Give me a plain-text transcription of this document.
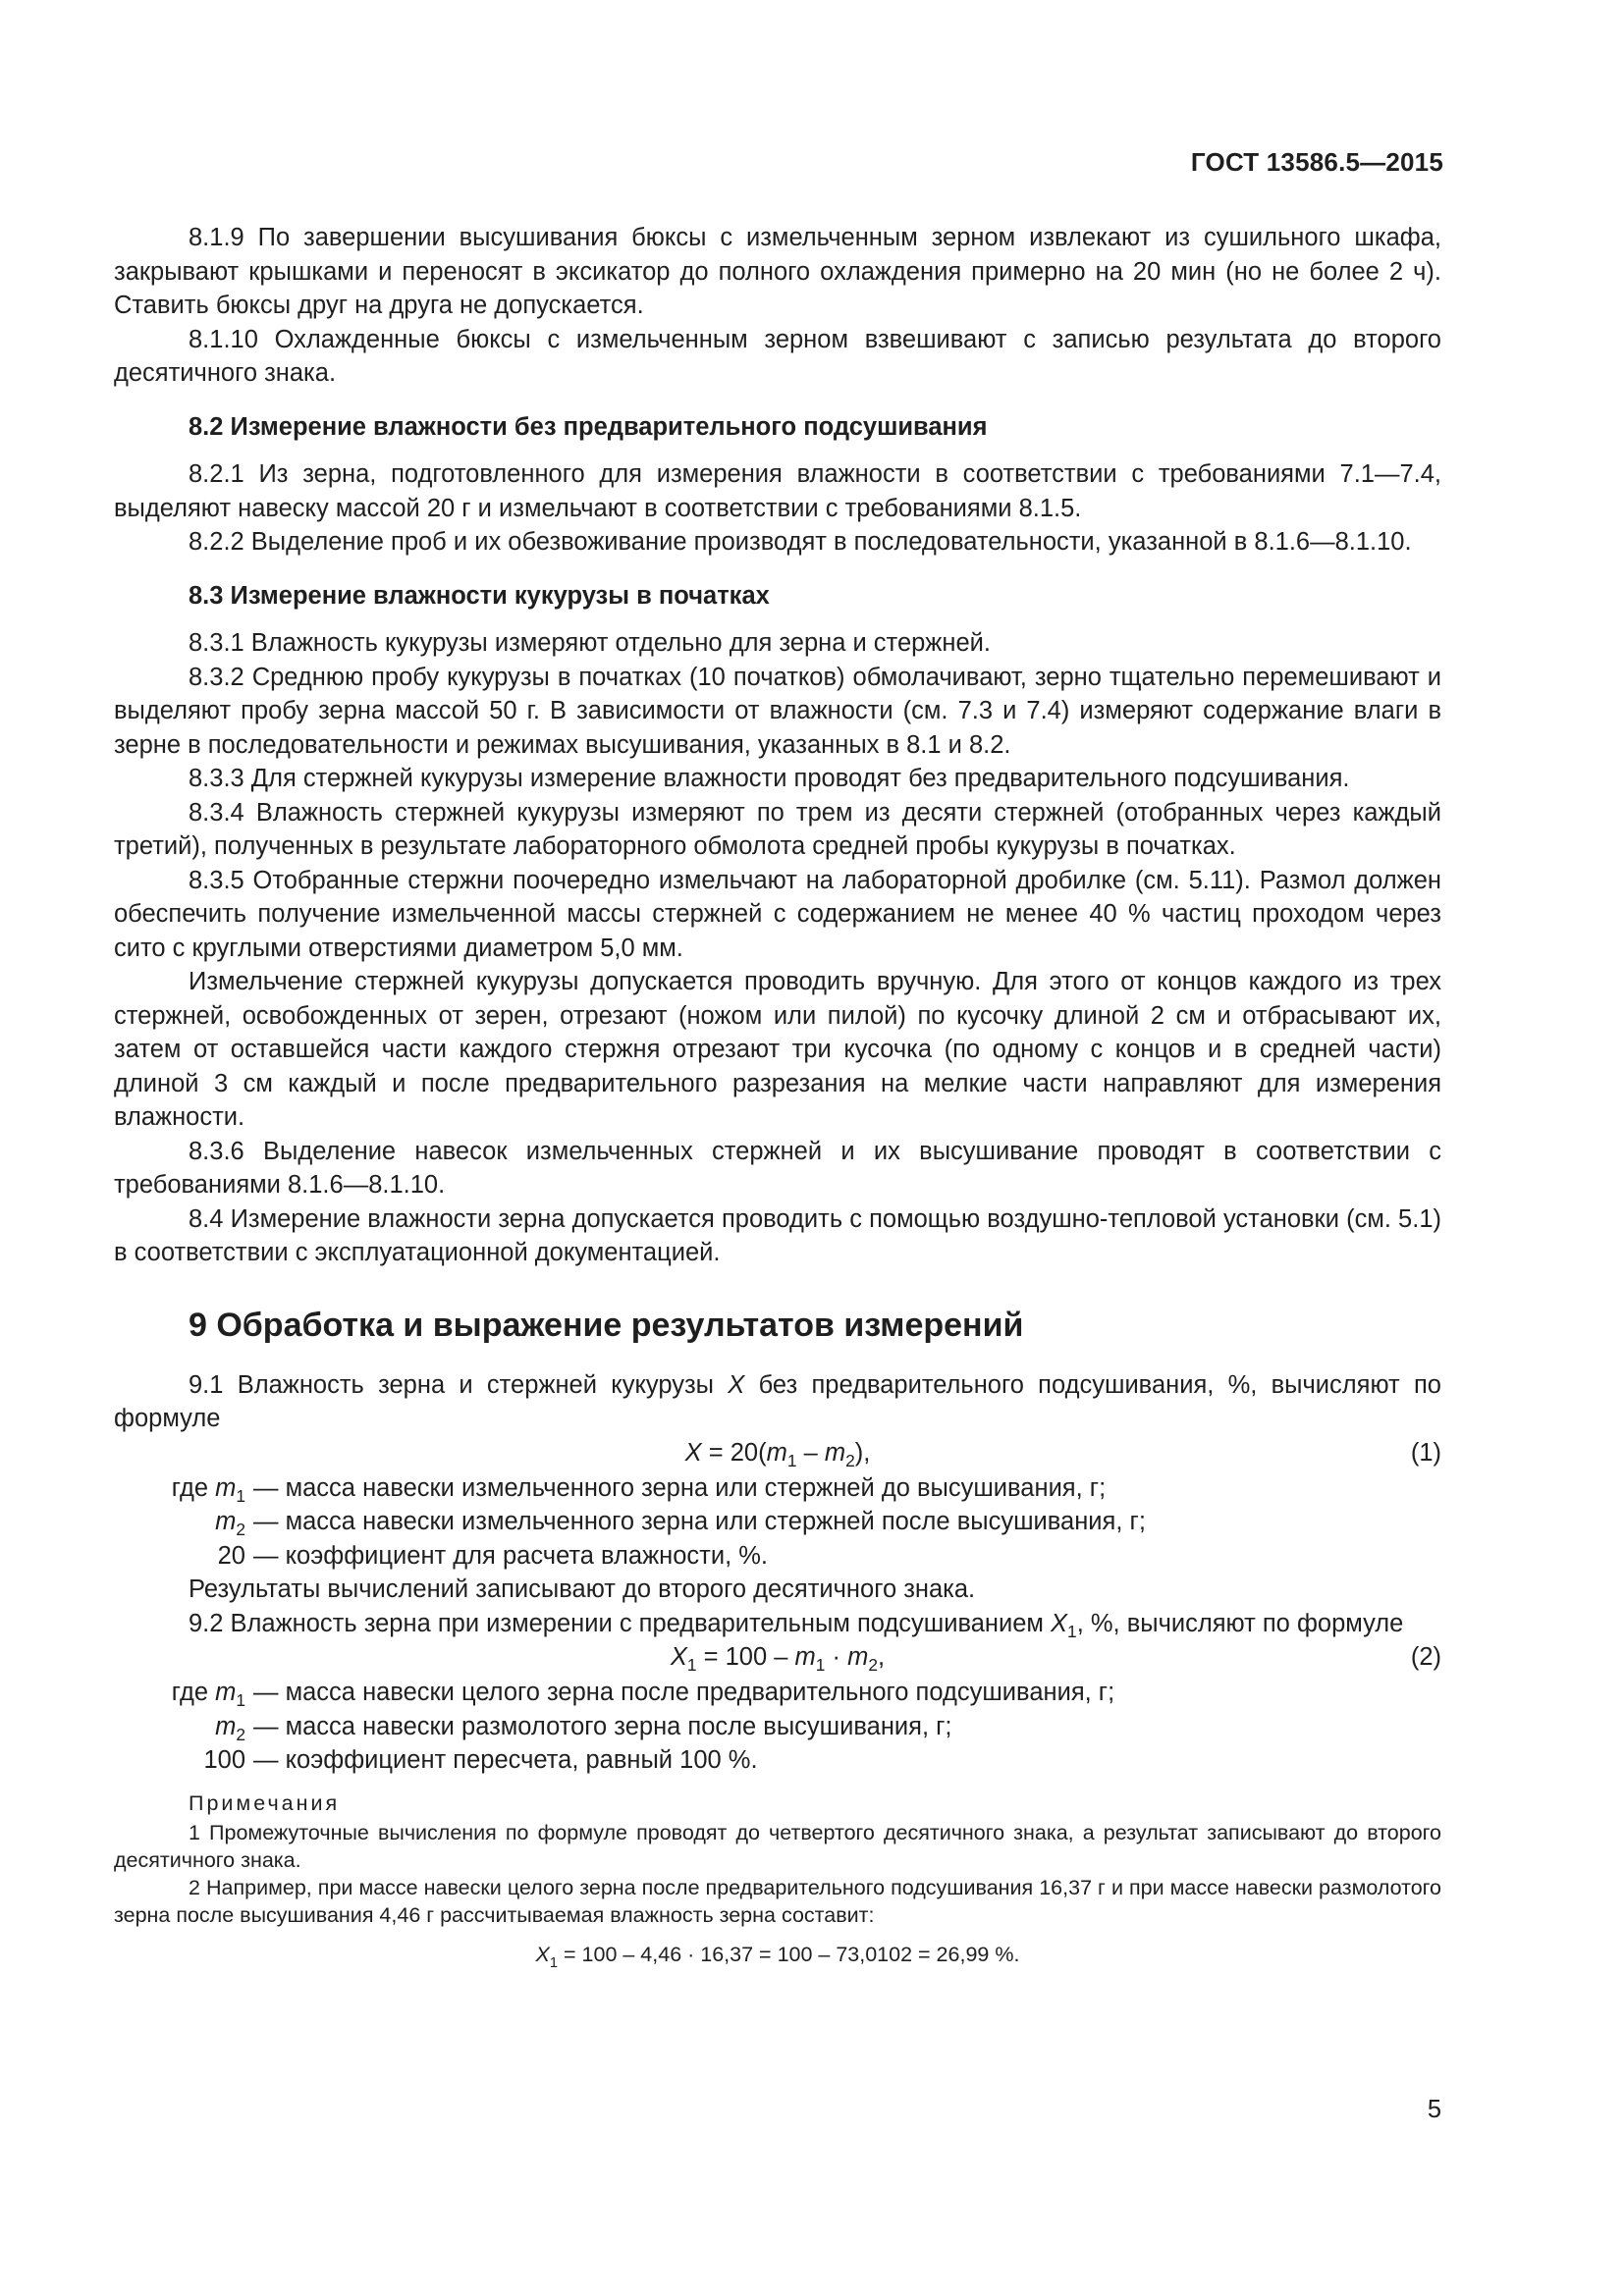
ГОСТ 13586.5—2015

8.1.9 По завершении высушивания бюксы с измельченным зерном извлекают из сушильного шкафа, закрывают крышками и переносят в эксикатор до полного охлаждения примерно на 20 мин (но не более 2 ч). Ставить бюксы друг на друга не допускается.

8.1.10 Охлажденные бюксы с измельченным зерном взвешивают с записью результата до второго десятичного знака.

8.2 Измерение влажности без предварительного подсушивания

8.2.1 Из зерна, подготовленного для измерения влажности в соответствии с требованиями 7.1—7.4, выделяют навеску массой 20 г и измельчают в соответствии с требованиями 8.1.5.

8.2.2 Выделение проб и их обезвоживание производят в последовательности, указанной в 8.1.6—8.1.10.

8.3 Измерение влажности кукурузы в початках

8.3.1 Влажность кукурузы измеряют отдельно для зерна и стержней.

8.3.2 Среднюю пробу кукурузы в початках (10 початков) обмолачивают, зерно тщательно перемешивают и выделяют пробу зерна массой 50 г. В зависимости от влажности (см. 7.3 и 7.4) измеряют содержание влаги в зерне в последовательности и режимах высушивания, указанных в 8.1 и 8.2.

8.3.3 Для стержней кукурузы измерение влажности проводят без предварительного подсушивания.

8.3.4 Влажность стержней кукурузы измеряют по трем из десяти стержней (отобранных через каждый третий), полученных в результате лабораторного обмолота средней пробы кукурузы в початках.

8.3.5 Отобранные стержни поочередно измельчают на лабораторной дробилке (см. 5.11). Размол должен обеспечить получение измельченной массы стержней с содержанием не менее 40 % частиц проходом через сито с круглыми отверстиями диаметром 5,0 мм.

Измельчение стержней кукурузы допускается проводить вручную. Для этого от концов каждого из трех стержней, освобожденных от зерен, отрезают (ножом или пилой) по кусочку длиной 2 см и отбрасывают их, затем от оставшейся части каждого стержня отрезают три кусочка (по одному с концов и в средней части) длиной 3 см каждый и после предварительного разрезания на мелкие части направляют для измерения влажности.

8.3.6 Выделение навесок измельченных стержней и их высушивание проводят в соответствии с требованиями 8.1.6—8.1.10.

8.4 Измерение влажности зерна допускается проводить с помощью воздушно-тепловой установки (см. 5.1) в соответствии с эксплуатационной документацией.

9 Обработка и выражение результатов измерений

9.1 Влажность зерна и стержней кукурузы X без предварительного подсушивания, %, вычисляют по формуле

$X = 20(m_1 - m_2)$,	(1)
где $m_1$ — масса навески измельченного зерна или стержней до высушивания, г;
$m_2$ — масса навески измельченного зерна или стержней после высушивания, г;
20 — коэффициент для расчета влажности, %.

Результаты вычислений записывают до второго десятичного знака.

9.2 Влажность зерна при измерении с предварительным подсушиванием $X_1$, %, вычисляют по формуле

$X_1 = 100 - m_1 \cdot m_2$,	(2)
где $m_1$ — масса навески целого зерна после предварительного подсушивания, г;
$m_2$ — масса навески размолотого зерна после высушивания, г;
100 — коэффициент пересчета, равный 100 %.
Примечания

1 Промежуточные вычисления по формуле проводят до четвертого десятичного знака, а результат записывают до второго десятичного знака.

2 Например, при массе навески целого зерна после предварительного подсушивания 16,37 г и при массе навески размолотого зерна после высушивания 4,46 г рассчитываемая влажность зерна составит:

$X_1 = 100 - 4,46 \cdot 16,37 = 100 - 73,0102 = 26,99$ %.
5
